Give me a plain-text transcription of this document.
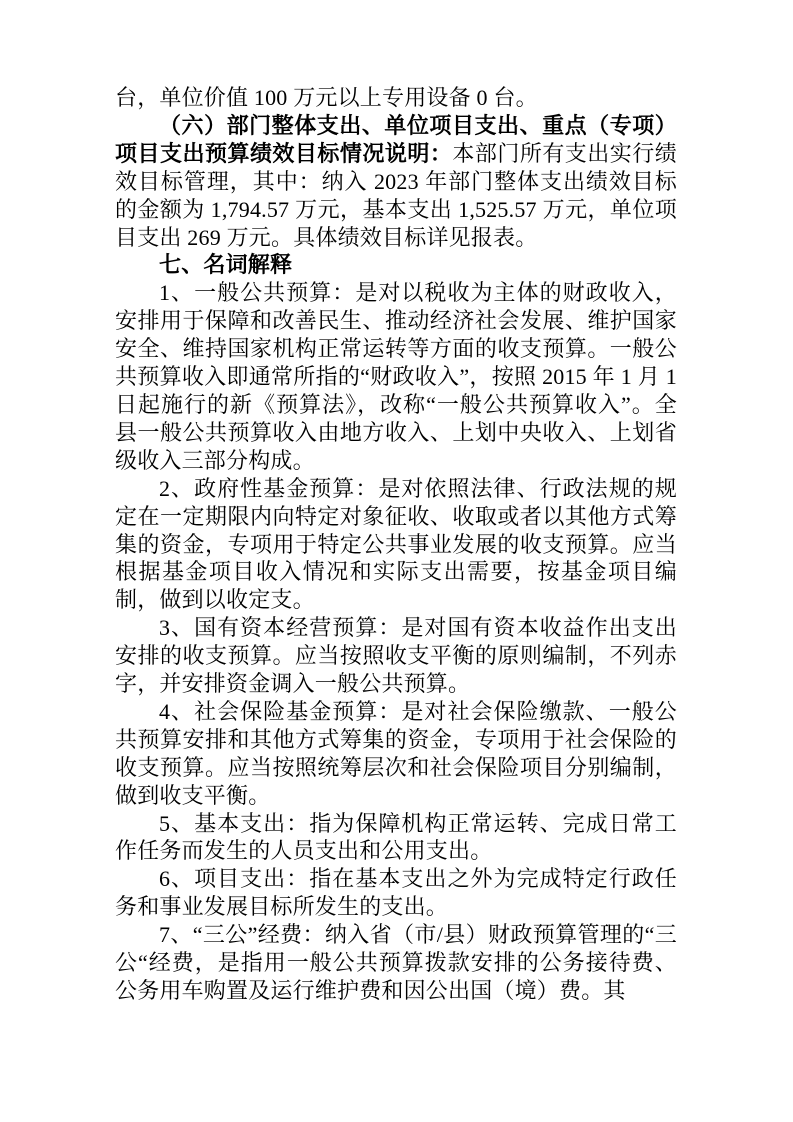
台，单位价值 100 万元以上专用设备 0 台。

（六）部门整体支出、单位项目支出、重点（专项）项目支出预算绩效目标情况说明：本部门所有支出实行绩效目标管理，其中：纳入 2023 年部门整体支出绩效目标的金额为 1,794.57 万元，基本支出 1,525.57 万元，单位项目支出 269 万元。具体绩效目标详见报表。

七、名词解释

1、一般公共预算：是对以税收为主体的财政收入，安排用于保障和改善民生、推动经济社会发展、维护国家安全、维持国家机构正常运转等方面的收支预算。一般公共预算收入即通常所指的“财政收入”，按照 2015 年 1 月 1 日起施行的新《预算法》，改称“一般公共预算收入”。全县一般公共预算收入由地方收入、上划中央收入、上划省级收入三部分构成。

2、政府性基金预算：是对依照法律、行政法规的规定在一定期限内向特定对象征收、收取或者以其他方式筹集的资金，专项用于特定公共事业发展的收支预算。应当根据基金项目收入情况和实际支出需要，按基金项目编制，做到以收定支。

3、国有资本经营预算：是对国有资本收益作出支出安排的收支预算。应当按照收支平衡的原则编制，不列赤字，并安排资金调入一般公共预算。

4、社会保险基金预算：是对社会保险缴款、一般公共预算安排和其他方式筹集的资金，专项用于社会保险的收支预算。应当按照统筹层次和社会保险项目分别编制，做到收支平衡。

5、基本支出：指为保障机构正常运转、完成日常工作任务而发生的人员支出和公用支出。

6、项目支出：指在基本支出之外为完成特定行政任务和事业发展目标所发生的支出。

7、“三公”经费：纳入省（市/县）财政预算管理的“三公“经费，是指用一般公共预算拨款安排的公务接待费、公务用车购置及运行维护费和因公出国（境）费。其
